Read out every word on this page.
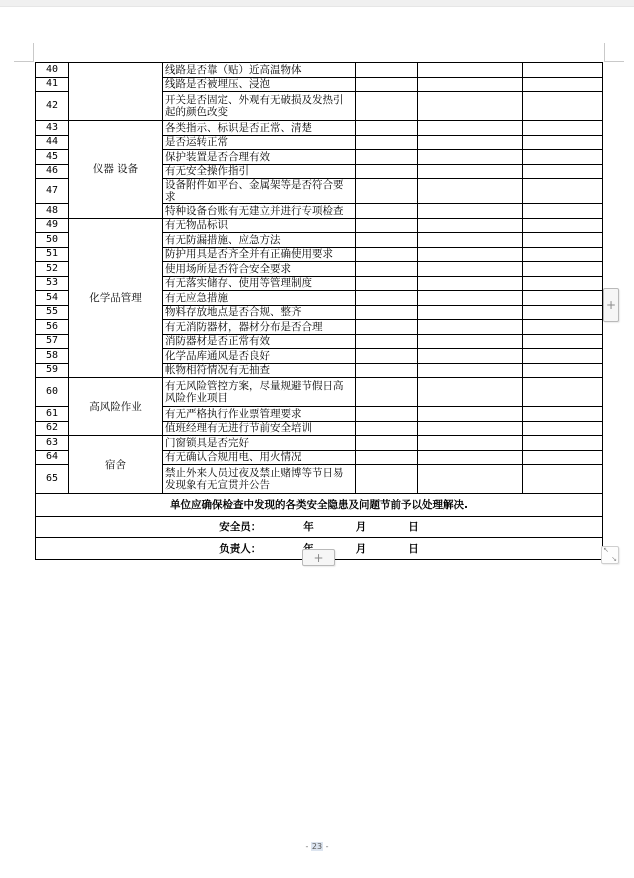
40		线路是否靠（贴）近高温物体			
41		线路是否被埋压、浸泡			
42		开关是否固定、外观有无破损及发热引起的颜色改变			
43	仪器 设备	各类指示、标识是否正常、清楚			
44		是否运转正常			
45		保护装置是否合理有效			
46		有无安全操作指引			
47		设备附件如平台、金属架等是否符合要求			
48		特种设备台账有无建立并进行专项检查			
49	化学品管理	有无物品标识			
50		有无防漏措施、应急方法			
51		防护用具是否齐全并有正确使用要求			
52		使用场所是否符合安全要求			
53		有无落实储存、使用等管理制度			
54		有无应急措施			
55		物料存放地点是否合规、整齐			
56		有无消防器材，器材分布是否合理			
57		消防器材是否正常有效			
58		化学品库通风是否良好			
59		帐物相符情况有无抽查			
60	高风险作业	有无风险管控方案，尽量规避节假日高风险作业项目			
61		有无严格执行作业票管理要求			
62		值班经理有无进行节前安全培训			
63	宿舍	门窗锁具是否完好			
64		有无确认合规用电、用火情况			
65		禁止外来人员过夜及禁止赌博等节日易发现象有无宣贯并公告			
单位应确保检查中发现的各类安全隐患及问题节前予以处理解决.					

安全员： 年 月 日					

负责人： 月 日					
+
+
↖
↘
- 23 -
